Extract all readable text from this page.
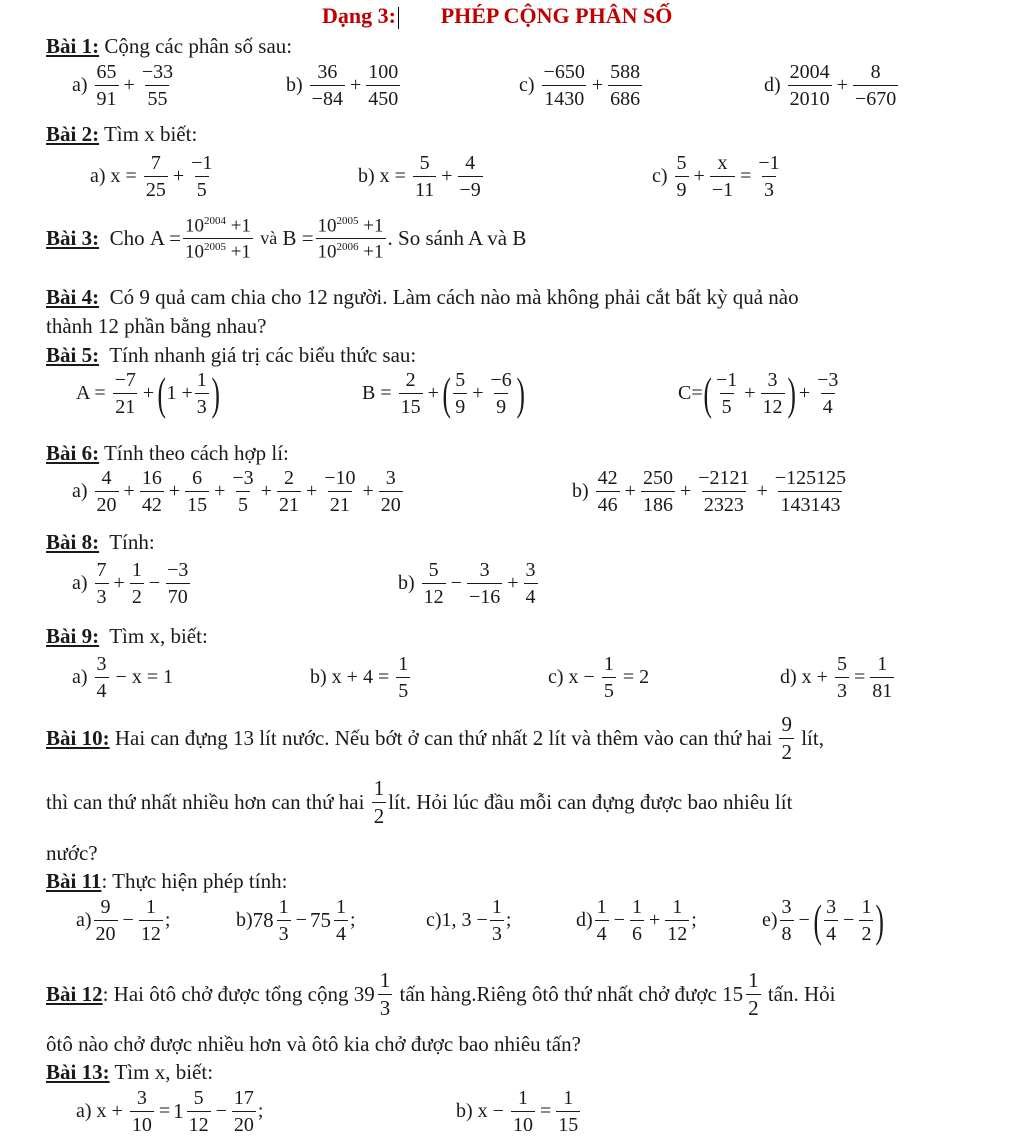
Dạng 3: PHÉP CỘNG PHÂN SỐ
Bài 1: Cộng các phân số sau:
a)

65
91
+ $\frac{-33}{55}$	b)

36
−84
+ $\frac{100}{450}$	c)

−650
1430
+ $\frac{588}{686}$	d)

2004
2010
+ $\frac{8}{-670}$
Bài 2: Tìm x biết:
a)
x =
$\frac{7}{25} + \frac{-1}{5}$	b)
x =
$\frac{5}{11} + \frac{4}{-9}$	c)

5
9
+ $\frac{x}{-1} = \frac{-1}{3}$
Bài 3:
Cho
$A = \frac{10^{2004} +1}{10^{2005} +1}$
và
$B = \frac{10^{2005} +1}{10^{2006} +1}$ . So sánh A và B
Bài 4: Có 9 quả cam chia cho 12 người. Làm cách nào mà không phải cắt bất kỳ quả nào
thành 12 phần bằng nhau?
Bài 5: Tính nhanh giá trị các biểu thức sau:
A =
$\frac{-7}{21}$ + ( $1 + \frac{1}{3}$ )	B =
$\frac{2}{15}$ + ( 5
9
+ $\frac{-6}{9}$ )	C= ( −1
5
+ $\frac{3}{12}$ ) + $\frac{-3}{4}$
Bài 6: Tính theo cách hợp lí:
a)

4
20
+ $\frac{16}{42} + \frac{6}{15} + \frac{-3}{5} + \frac{2}{21} + \frac{-10}{21} + \frac{3}{20}$	b)

42
46
+ $\frac{250}{186} + \frac{-2121}{2323} + \frac{-125125}{143143}$
Bài 8: Tính:
a)

7
3
+ $\frac{1}{2} - \frac{-3}{70}$	b)

5
12
− $\frac{3}{-16} + \frac{3}{4}$
Bài 9: Tìm x, biết:
a)

3
4

− x = 1	b)
x + 4 =
$\frac{1}{5}$	c)
x −
$\frac{1}{5}$
= 2	d)
x +
$\frac{5}{3} = \frac{1}{81}$
Bài 10:
Hai can đựng 13 lít nước. Nếu bớt ở can thứ nhất 2 lít và thêm vào can thứ hai

9
2

lít,
thì can thứ nhất nhiều hơn can thứ hai

1
2
lít. Hỏi lúc đầu mỗi can đựng được bao nhiêu lít
nước?
Bài 11: Thực hiện phép tính:
a)
9
20
− $\frac{1}{12}$ ;	b) 78
1
3
− 75
1
4
;	c) 1, $3 - \frac{1}{3}$ ;	d)
1
4
− $\frac{1}{6} + \frac{1}{12}$ ;	e)
3
8
− ( 3
4
− $\frac{1}{2}$ )
Bài 12 : Hai ôtô chở được tổng cộng
39
1
3

tấn hàng.Riêng ôtô thứ nhất chở được
15
1
2

tấn. Hỏi
ôtô nào chở được nhiều hơn và ôtô kia chở được bao nhiêu tấn?
Bài 13: Tìm x, biết:
a)
x +
$\frac{3}{10} = 1$
5
12
− $\frac{17}{20}$ ;	b)
x −
$\frac{1}{10} = \frac{1}{15}$
